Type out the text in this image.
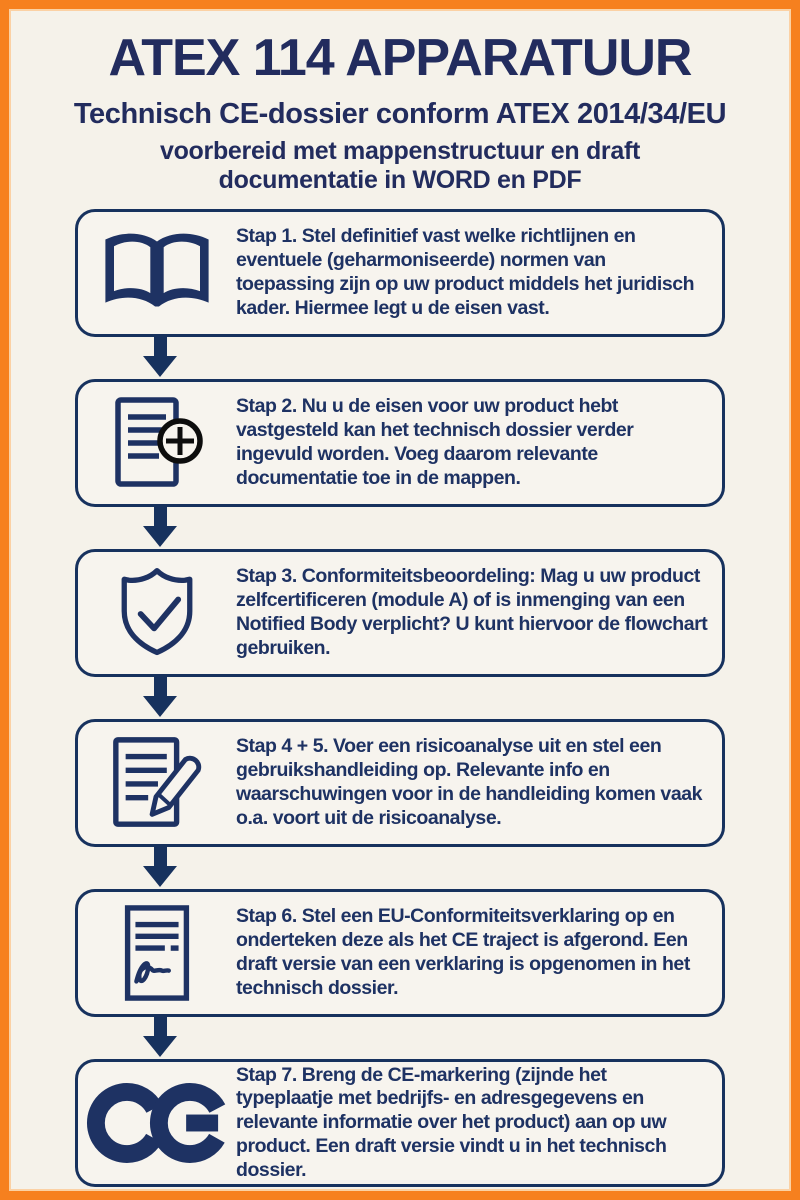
ATEX 114 APPARATUUR
Technisch CE-dossier conform ATEX 2014/34/EU

voorbereid met mappenstructuur en draft
documentatie in WORD en PDF

Stap 1. Stel definitief vast welke richtlijnen en eventuele (geharmoniseerde) normen van toepassing zijn op uw product middels het juridisch kader. Hiermee legt u de eisen vast.

Stap 2. Nu u de eisen voor uw product hebt vastgesteld kan het technisch dossier verder ingevuld worden. Voeg daarom relevante documentatie toe in de mappen.

Stap 3. Conformiteitsbeoordeling: Mag u uw product zelfcertificeren (module A) of is inmenging van een Notified Body verplicht? U kunt hiervoor de flowchart gebruiken.

Stap 4 + 5. Voer een risicoanalyse uit en stel een gebruikshandleiding op. Relevante info en waarschuwingen voor in de handleiding komen vaak o.a. voort uit de risicoanalyse.

Stap 6. Stel een EU-Conformiteitsverklaring op en onderteken deze als het CE traject is afgerond. Een draft versie van een verklaring is opgenomen in het technisch dossier.

Stap 7. Breng de CE-markering (zijnde het typeplaatje met bedrijfs- en adresgegevens en relevante informatie over het product) aan op uw product. Een draft versie vindt u in het technisch dossier.
